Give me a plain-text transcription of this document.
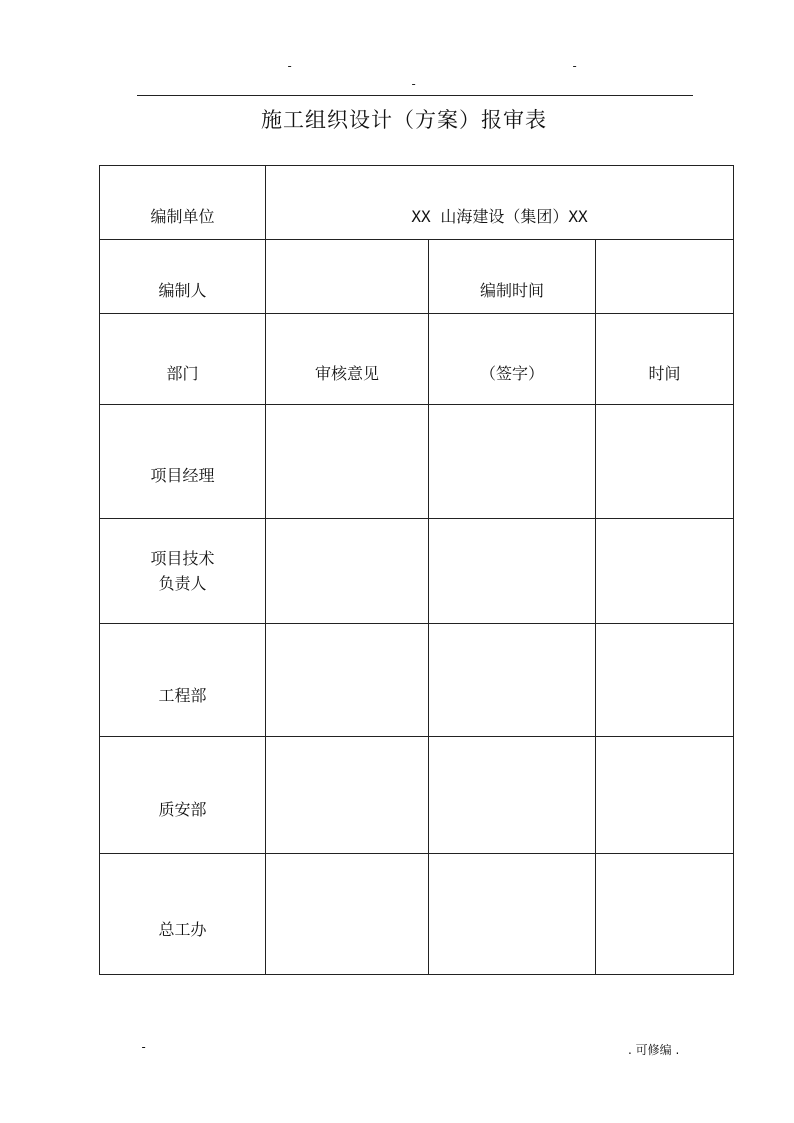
-
-
-
施工组织设计（方案）报审表
编制单位	XX 山海建设（集团）XX		
编制人		编制时间	
部门	审核意见	（签字）	时间
项目经理			

项目技术
负责人			

工程部			
质安部			
总工办			
-	. 可修编 .
